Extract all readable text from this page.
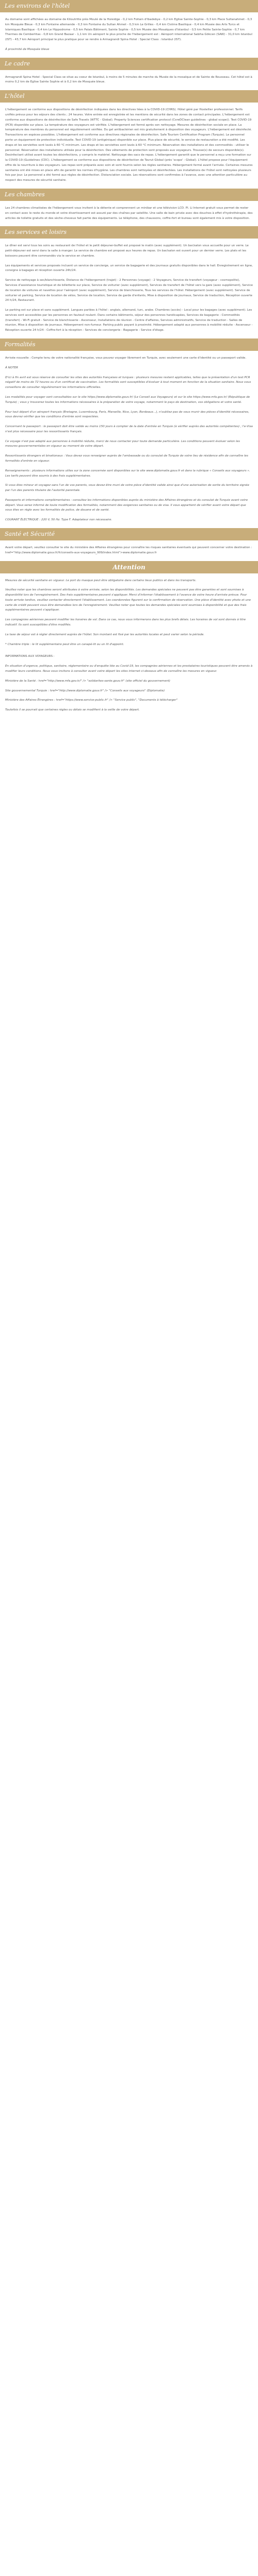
Les environs de l'hôtel

Au domaine sont affichées au domaine de Kiloutritte près Moulé de la Horeidge - 0,2 km Foitain d'Ibadebye - 0,2 km Eglise Sainte-Sophie - 0,3 km Place Sultanahmet - 0,3 km Mosquée Bleue - 0,3 km Fontaine allemande - 0,3 km Fontaine du Sultan Ahmet - 0,3 km Le Grilles - 0,4 km Cistrne Basilique - 0,4 km Musée des Arts Turcs et Islamiques Basilique - 0,4 km Le Hippodrome - 0,5 km Palais Bâtiment, Sainte Sophie - 0,5 km Musée des Mosaïques d'Istanbul - 0,5 km Petite Sainte-Sophie - 0,7 km Thermes de Cemberlitas - 0,8 km Grand Bazaar - 1,1 km Un aéroport le plus proche de l'hébergement est : Aéroport international Sabiha Gökcen (SAW) - 31,0 km Istanbul (IST) - 43,7 km Aéroport principal le plus pratique pour se rendre à Armagrandi Spina Hotel : Special Class : Istanbul (IST).

À proximité de Mosquée bleue

Le cadre

Armagrandi Spina Hotel - Special Class se situe au coeur de Istanbul, à moins de 5 minutes de marche du Musée de la mosaïque et de Sainte de Rousseau. Cet hôtel est à moins 0,2 km de Eglise Sainte Sophie et à 0,2 km de Mosquée bleue.

L'hôtel

L'hébergement se conforme aux dispositions de désinfection indiquées dans les directives liées à la COVID-19 (CHRS). Hôtel géré par Hostellier professionnel. Tarifs unifiés prévus pour les séjours des clients ; 24 heures. Votre entrée est enregistrée et les mentions de sécurité dans les zones de contact principales. L'hébergement est conforme aux dispositions de désinfection de Safe Travels (WTTC - Global). Property Sciences certification protocol (CoreDClean guidelines - global scope)). Test COVID-19 (PCR) disponible sur place. La température des voyageurs est vérifiée. L'hébergement est fermé après son nettoyage. Mesures de désinfection sociale en place. La température des membres du personnel est régulièrement vérifiée. Du gel antibactérien est mis gratuitement à disposition des voyageurs. L'hébergement est désinfecté. Transactions en espèces possibles. L'hébergement est conforme aux directives régionales de désinfection. Safe Tourism Certification Program (Turquie). Le personnel porte un équipement de protection individuelle. Test COVID-19 (antigénique) disponible sur place. Plus place de sécurité, le service de restauration a été modifié. Les draps et les serviettes sont lavés à 60 °C minimum. Les draps et les serviettes sont lavés à 60 °C minimum. Réservation des installations et des commodités : utiliser le personnel. Réservation des installations utilisée pour la désinfection. Des vêtements de protection sont proposés aux voyageurs. Trousse(s) de secours disponible(s). Desinfectant utilisé avant toutes les désinfections, y compris le matériel. Nettoyage des sacs de repas. L'hébergement garantit que le personnel a reçu une formation sur la COVID-19 (Guidelines (CDC). L'hébergement se conforme aux dispositions de désinfection de Tavrut Global (près 'scope' - Global). L'hôtel propose pour l'équipement offre de la nourriture à des voyageurs. Les repas sont préparés avec soin et sont fournis selon les règles sanitaires. Hébergement fermé avant l'arrivée. Certaines mesures sanitaires ont été mises en place afin de garantir les normes d'hygiène. Les chambres sont nettoyées et désinfectées. Les installations de l'hôtel sont nettoyées plusieurs fois par jour. Le personnel a été formé aux règles de désinfection. Distanciation sociale. Les réservations sont confirmées à l'avance, avec une attention particulière au respect des mesures de sécurité sanitaire.

Les chambres

Les 24 chambres climatisées de l'hébergement vous invitent à la détente et comprennent un minibar et une télévision LCD. Pl. Li Internet gratuit vous permet de rester en contact avec le reste du monde et votre divertissement est assuré par des chaînes par satellite. Une salle de bain privée avec des douches à effet d'hydrothérapie, des articles de toilette gratuits et des sèche-cheveux fait partie des équipements. Le téléphone, des chaussons, coffre-fort et bureau sont également mis à votre disposition.

Les services et loisirs

Le dîner est servi tous les soirs au restaurant de l'hôtel et le petit déjeuner-buffet est proposé le matin (avec supplément). Un bar/salon vous accueille pour un verre. Le petit-déjeuner est servi dans la salle à manger. Le service de chambre est proposé aux heures de repas. Un bar/salon est ouvert pour un dernier verre. Les plats et les boissons peuvent être commandés via le service en chambre.

Les équipements et services proposés incluent un service de concierge, un service de bagagerie et des journaux gratuits disponibles dans le hall. Enregistrement en ligne, consigne à bagages et réception ouverte 24h/24.

Service de nettoyage à sec/blanchisserie, Distance de l'hébergement (trajet) - 2 Personnes (voyage) - 2 Voyageurs, Service de transfert (voyageur - cosmopolite), Services d'assistance touristique et de billetterie sur place, Service de voiturier (avec supplément), Services de transfert de l'hôtel vers la gare (avec supplément), Service de location de voitures et navettes pour l'aéroport (avec supplément), Service de blanchisserie, Tous les services de l'hôtel. Hébergement (avec supplément). Service de voiturier et parking, Service de location de vélos, Service de location, Service de garde d'enfants, Mise à disposition de journaux, Service de traduction, Réception ouverte 24 h/24, Restaurant.

Le parking est sur place et sans supplément. Langues parlées à l'hôtel : anglais, allemand, turc, arabe. Chambres (accès) - Local pour les bagages (avec supplément). Les services sont accessibles par les personnes en fauteuil roulant. Dans certains bâtiments, séjour des personnes handicapées, Services de bagagerie - Commodités (transfert) - Wi-Fi gratuit - Service de blanchisserie - Ascenseur, Installations de réunion - Centre d'affaires, Services administratifs, Service de traduction - Salles de réunion, Mise à disposition de journaux. Hébergement non-fumeur. Parking public payant à proximité. Hébergement adapté aux personnes à mobilité réduite - Ascenseur - Réception ouverte 24 h/24 - Coffre-fort à la réception - Services de conciergerie - Bagagerie - Service d'étage.

Formalités

Arrivée nouvelle : Compte tenu de votre nationalité française, vous pouvez voyager librement en Turquie, avec seulement une carte d'identité ou un passeport valide.

À NOTER

D'ici à fin avril est sous réserve de consulter les sites des autorités françaises et turques : plusieurs mesures restent applicables, telles que la présentation d'un test PCR négatif de moins de 72 heures ou d'un certificat de vaccination. Les formalités sont susceptibles d'évoluer à tout moment en fonction de la situation sanitaire. Nous vous conseillons de consulter régulièrement les informations officielles.

Les modalités pour voyager sont consultables sur le site https://www.diplomatie.gouv.fr/ (Le Conseil aux Voyageurs) et sur le site https://www.mfa.gov.tr/ (République de Turquie) ; vous y trouverez toutes les informations nécessaires à la préparation de votre voyage, notamment le pays de destination, vos obligations et votre santé.

Pour tout départ d'un aéroport français (Bretagne, Luxembourg, Paris, Marseille, Nice, Lyon, Bordeaux...), n'oubliez pas de vous munir des pièces d'identité nécessaires, vous devrez vérifier que les conditions d'entrée sont respectées.

Concernant le passeport : le passeport doit être valide au moins 150 jours à compter de la date d'entrée en Turquie (à vérifier auprès des autorités compétentes) ; l'e-Visa n'est plus nécessaire pour les ressortissants français.

Ce voyage n'est pas adapté aux personnes à mobilité réduite, merci de nous contacter pour toute demande particulière. Les conditions peuvent évoluer selon les mesures gouvernementales en vigueur au moment de votre départ.

Ressortissants étrangers et binationaux : Vous devez vous renseigner auprès de l'ambassade ou du consulat de Turquie de votre lieu de résidence afin de connaître les formalités d'entrée en vigueur.

Renseignements : plusieurs informations utiles sur la zone concernée sont disponibles sur le site www.diplomatie.gouv.fr et dans la rubrique « Conseils aux voyageurs ». Les tarifs peuvent être soumis à des frais supplémentaires.

Si vous êtes mineur et voyagez sans l'un de vos parents, vous devez être muni de votre pièce d'identité valide ainsi que d'une autorisation de sortie du territoire signée par l'un des parents titulaire de l'autorité parentale.

Passeports et informations complémentaires : consultez les informations disponibles auprès du ministère des Affaires étrangères et du consulat de Turquie avant votre départ. Vous serez informé de toute modification des formalités, notamment des exigences sanitaires ou de visa. Il vous appartient de vérifier avant votre départ que vous êtes en règle avec les formalités de police, de douane et de santé.

COURANT ÉLECTRIQUE : 220 V, 50 Hz. Type F. Adaptateur non nécessaire.

Santé et Sécurité

Avant votre départ, veuillez consulter le site du ministère des Affaires étrangères pour connaître les risques sanitaires éventuels qui peuvent concerner votre destination : href="http://www.diplomatie.gouv.fr/fr/conseils-aux-voyageurs_909/index.html">www.diplomatie.gouv.fr

Attention

Mesures de sécurité sanitaire en vigueur. Le port du masque peut être obligatoire dans certains lieux publics et dans les transports.

Veuillez noter que les chambres seront attribuées à votre arrivée, selon les disponibilités. Les demandes spéciales ne peuvent pas être garanties et sont soumises à disponibilité lors de l'enregistrement. Des frais supplémentaires peuvent s'appliquer. Merci d'informer l'établissement à l'avance de votre heure d'arrivée prévue. Pour toute arrivée tardive, veuillez contacter directement l'établissement. Les coordonnées figurent sur la confirmation de réservation. Une pièce d'identité avec photo et une carte de crédit peuvent vous être demandées lors de l'enregistrement. Veuillez noter que toutes les demandes spéciales sont soumises à disponibilité et que des frais supplémentaires peuvent s'appliquer.

Les compagnies aériennes peuvent modifier les horaires de vol. Dans ce cas, nous vous informerons dans les plus brefs délais. Les horaires de vol sont donnés à titre indicatif. Ils sont susceptibles d'être modifiés.

La taxe de séjour est à régler directement auprès de l'hôtel. Son montant est fixé par les autorités locales et peut varier selon la période.

* Chambre triple : le lit supplémentaire peut être un canapé-lit ou un lit d'appoint.

INFORMATIONS AUX VOYAGEURS :

En situation d'urgence, politique, sanitaire, réglementaire ou d'enquête liée au Covid-19, les compagnies aériennes et les prestataires touristiques peuvent être amenés à modifier leurs conditions. Nous vous invitons à consulter avant votre départ les sites internet ci-dessous afin de connaître les mesures en vigueur.

Ministère de la Santé : href="http://www.mfa.gov.tr/" /> "solidarites-sante.gouv.fr" (site officiel du gouvernement)

Site gouvernemental Turquie : href="http://www.diplomatie.gouv.fr" /> "Conseils aux voyageurs" (Diplomatie)

Ministère des Affaires Étrangères : href="https://www.service-public.fr" /> "Service public", "Documents à télécharger"

Toutefois il se pourrait que certaines règles ou délais se modifient à la veille de votre départ.
